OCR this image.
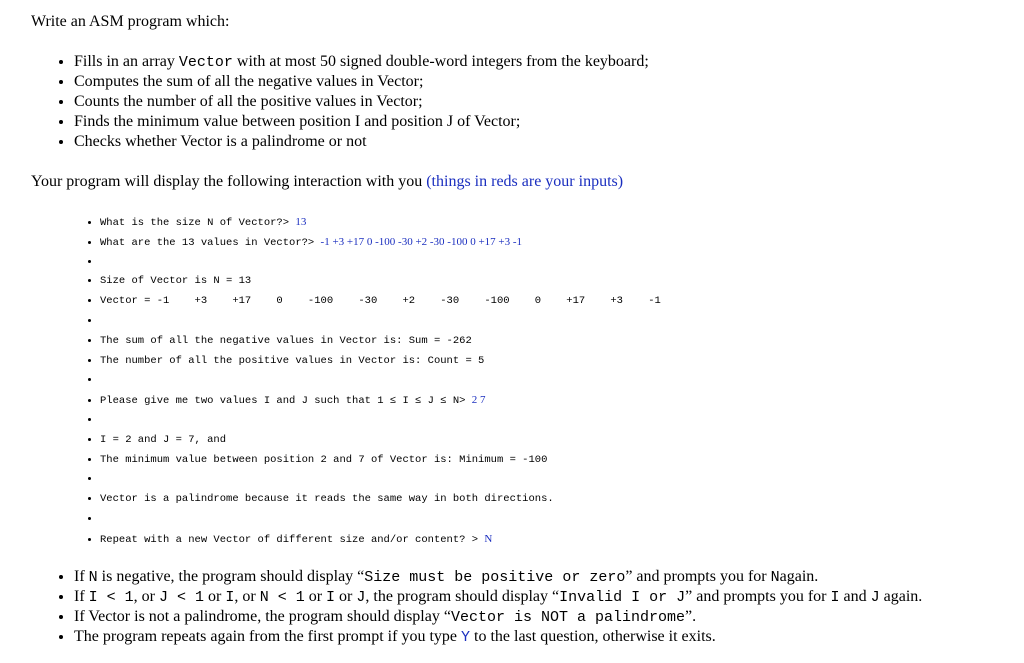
Write an ASM program which:

• Fills in an array Vector with at most 50 signed double-word integers from the keyboard;
• Computes the sum of all the negative values in Vector;
• Counts the number of all the positive values in Vector;
• Finds the minimum value between position I and position J of Vector;
• Checks whether Vector is a palindrome or not

Your program will display the following interaction with you (things in reds are your inputs)

• What is the size N of Vector?> 13
• What are the 13 values in Vector?> -1 +3 +17 0 -100 -30 +2 -30 -100 0 +17 +3 -1
•
• Size of Vector is N = 13
• Vector = -1    +3    +17    0    -100    -30    +2    -30    -100    0    +17    +3    -1
•
• The sum of all the negative values in Vector is: Sum = -262
• The number of all the positive values in Vector is: Count = 5
•
• Please give me two values I and J such that 1 ≤ I ≤ J ≤ N> 2 7
•
• I = 2 and J = 7, and
• The minimum value between position 2 and 7 of Vector is: Minimum = -100
•
• Vector is a palindrome because it reads the same way in both directions.
•
• Repeat with a new Vector of different size and/or content? > N
• If N is negative, the program should display “Size must be positive or zero” and prompts you for Nagain.
• If I < 1, or J < 1 or I, or N < 1 or I or J, the program should display “Invalid I or J” and prompts you for I and J again.
• If Vector is not a palindrome, the program should display “Vector is NOT a palindrome”.
• The program repeats again from the first prompt if you type Y to the last question, otherwise it exits.
